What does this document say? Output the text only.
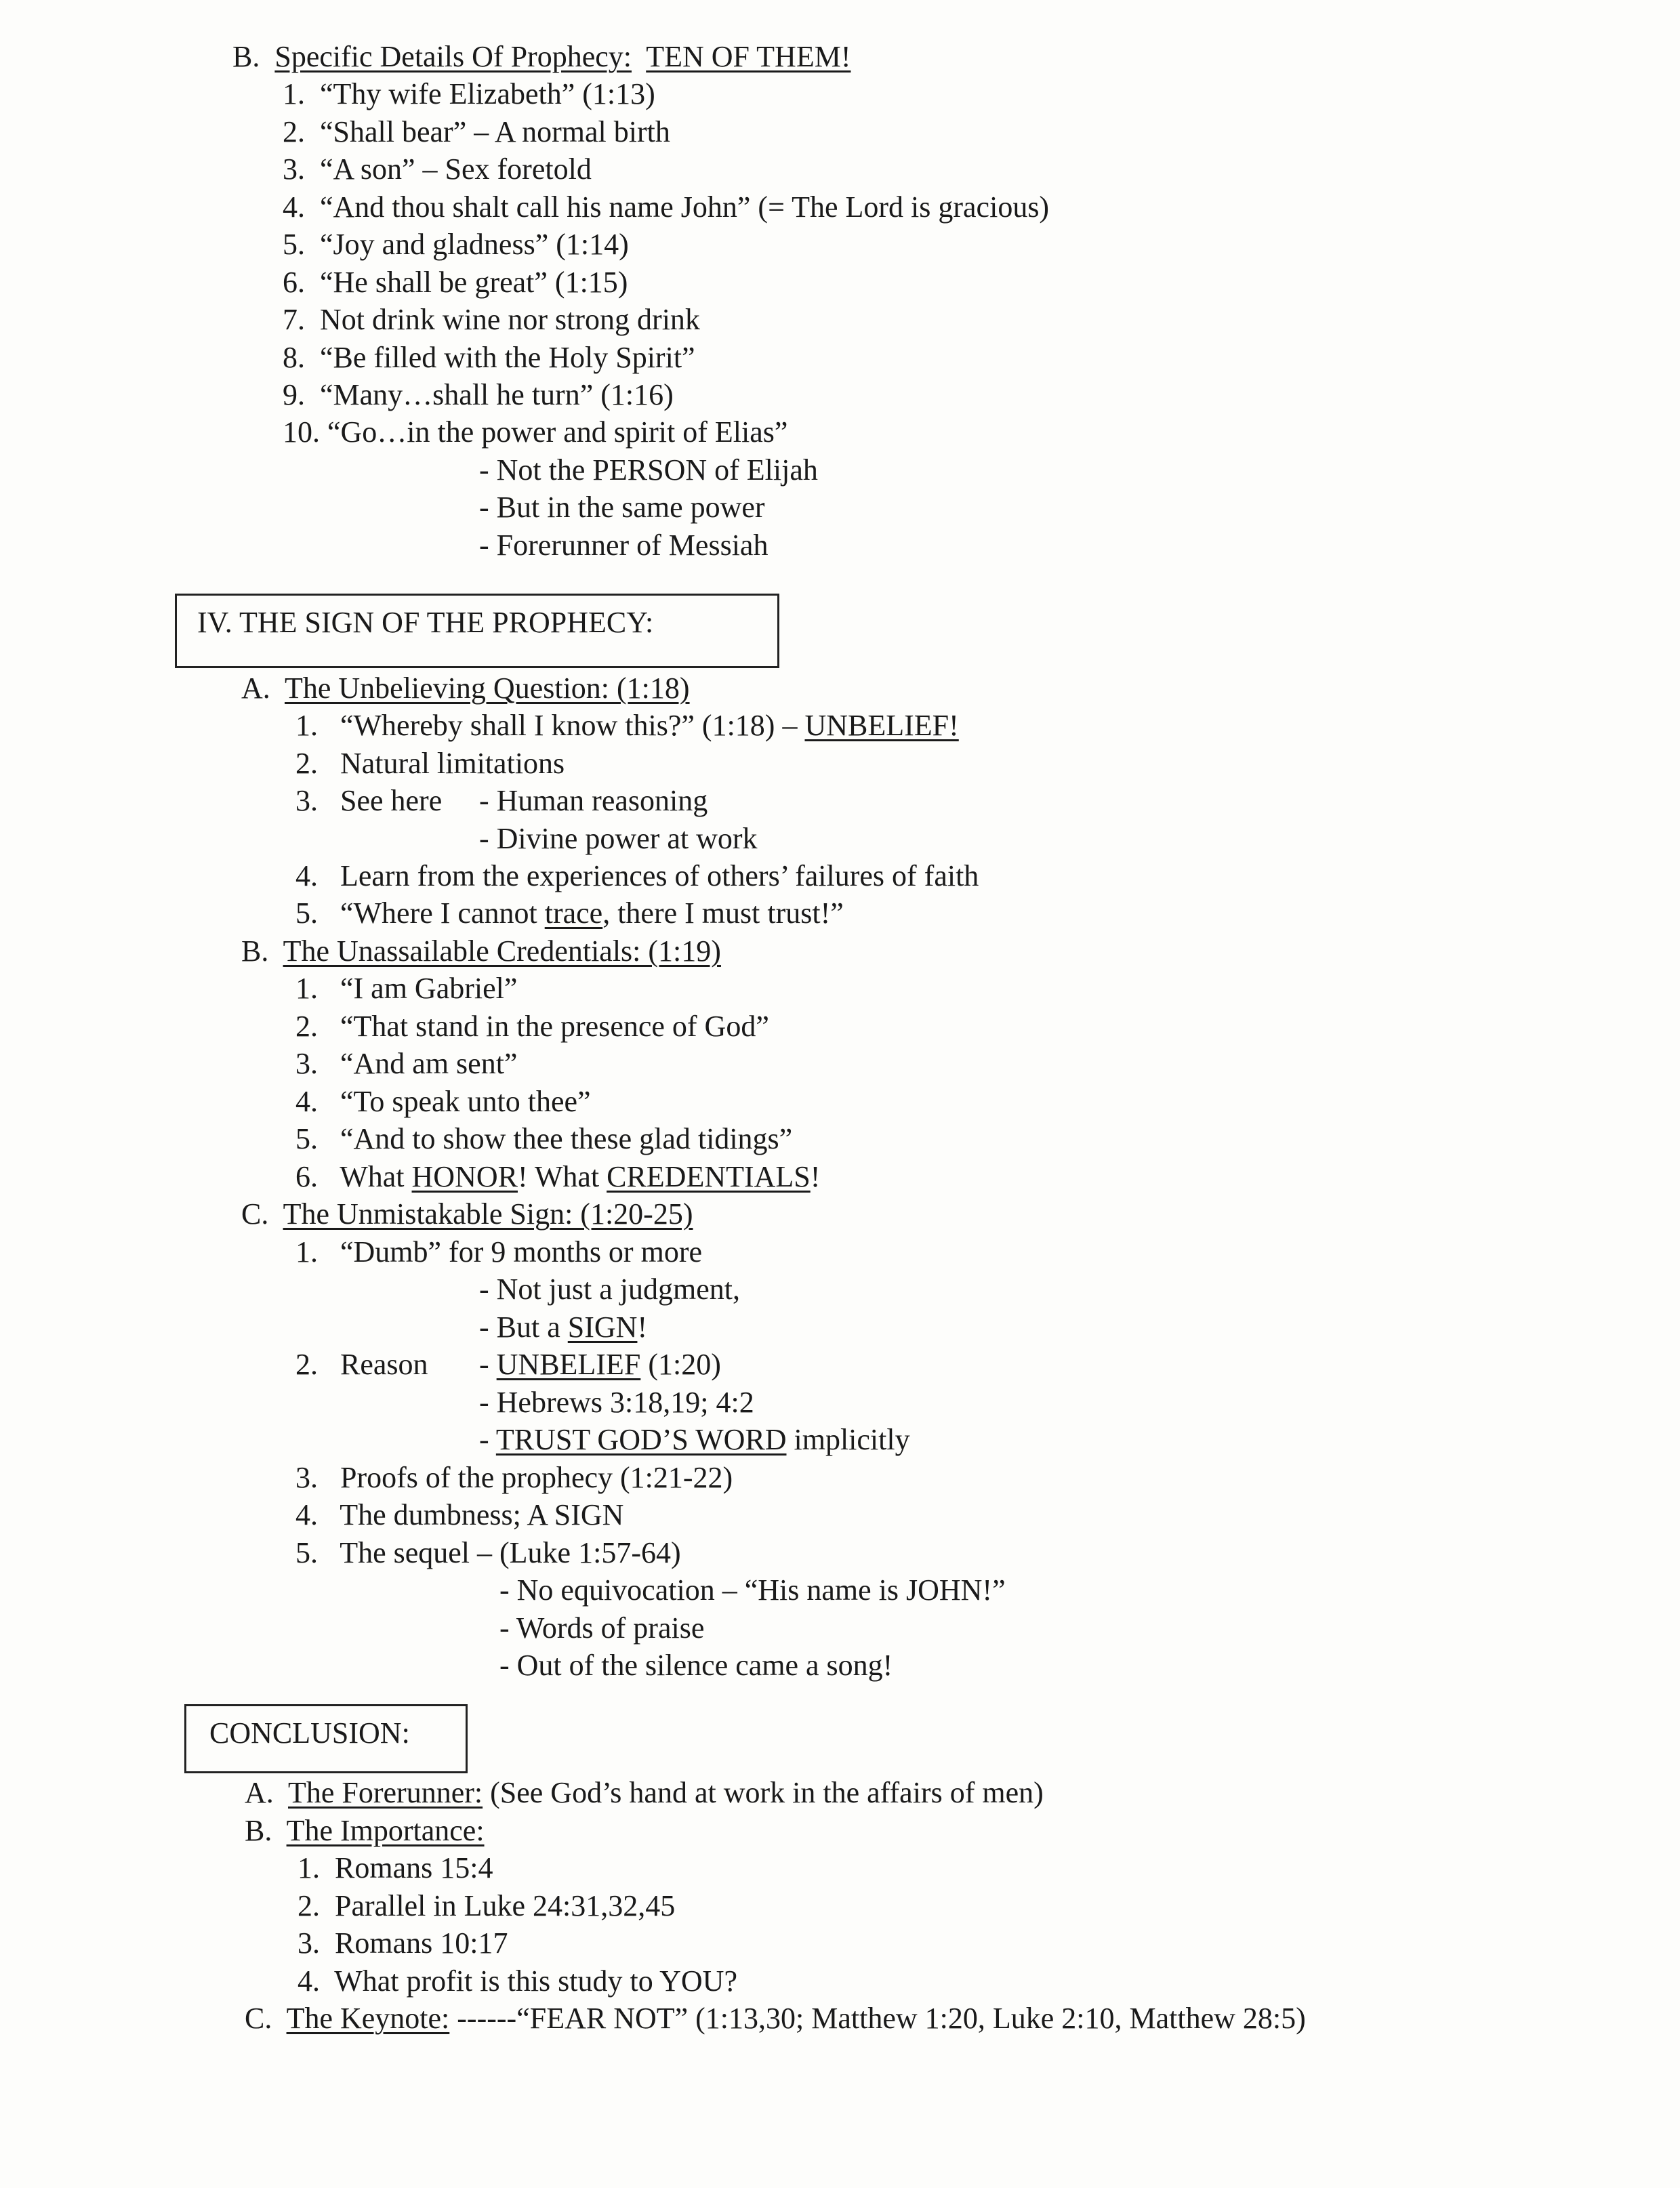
B. Specific Details Of Prophecy: TEN OF THEM!
1. “Thy wife Elizabeth” (1:13)
2. “Shall bear” – A normal birth
3. “A son” – Sex foretold
4. “And thou shalt call his name John” (= The Lord is gracious)
5. “Joy and gladness” (1:14)
6. “He shall be great” (1:15)
7. Not drink wine nor strong drink
8. “Be filled with the Holy Spirit”
9. “Many…shall he turn” (1:16)
10. “Go…in the power and spirit of Elias”
- Not the PERSON of Elijah
- But in the same power
- Forerunner of Messiah
IV. THE SIGN OF THE PROPHECY:
A. The Unbelieving Question: (1:18)
1. “Whereby shall I know this?” (1:18) – UNBELIEF!
2. Natural limitations
3. See here - Human reasoning
- Divine power at work
4. Learn from the experiences of others’ failures of faith
5. “Where I cannot trace, there I must trust!”
B. The Unassailable Credentials: (1:19)
1. “I am Gabriel”
2. “That stand in the presence of God”
3. “And am sent”
4. “To speak unto thee”
5. “And to show thee these glad tidings”
6. What HONOR! What CREDENTIALS!
C. The Unmistakable Sign: (1:20-25)
1. “Dumb” for 9 months or more
- Not just a judgment,
- But a SIGN!
2. Reason - UNBELIEF (1:20)
- Hebrews 3:18,19; 4:2
- TRUST GOD’S WORD implicitly
3. Proofs of the prophecy (1:21-22)
4. The dumbness; A SIGN
5. The sequel – (Luke 1:57-64)
- No equivocation – “His name is JOHN!”
- Words of praise
- Out of the silence came a song!
CONCLUSION:
A. The Forerunner: (See God’s hand at work in the affairs of men)
B. The Importance:
1. Romans 15:4
2. Parallel in Luke 24:31,32,45
3. Romans 10:17
4. What profit is this study to YOU?
C. The Keynote: ------“FEAR NOT” (1:13,30; Matthew 1:20, Luke 2:10, Matthew 28:5)
